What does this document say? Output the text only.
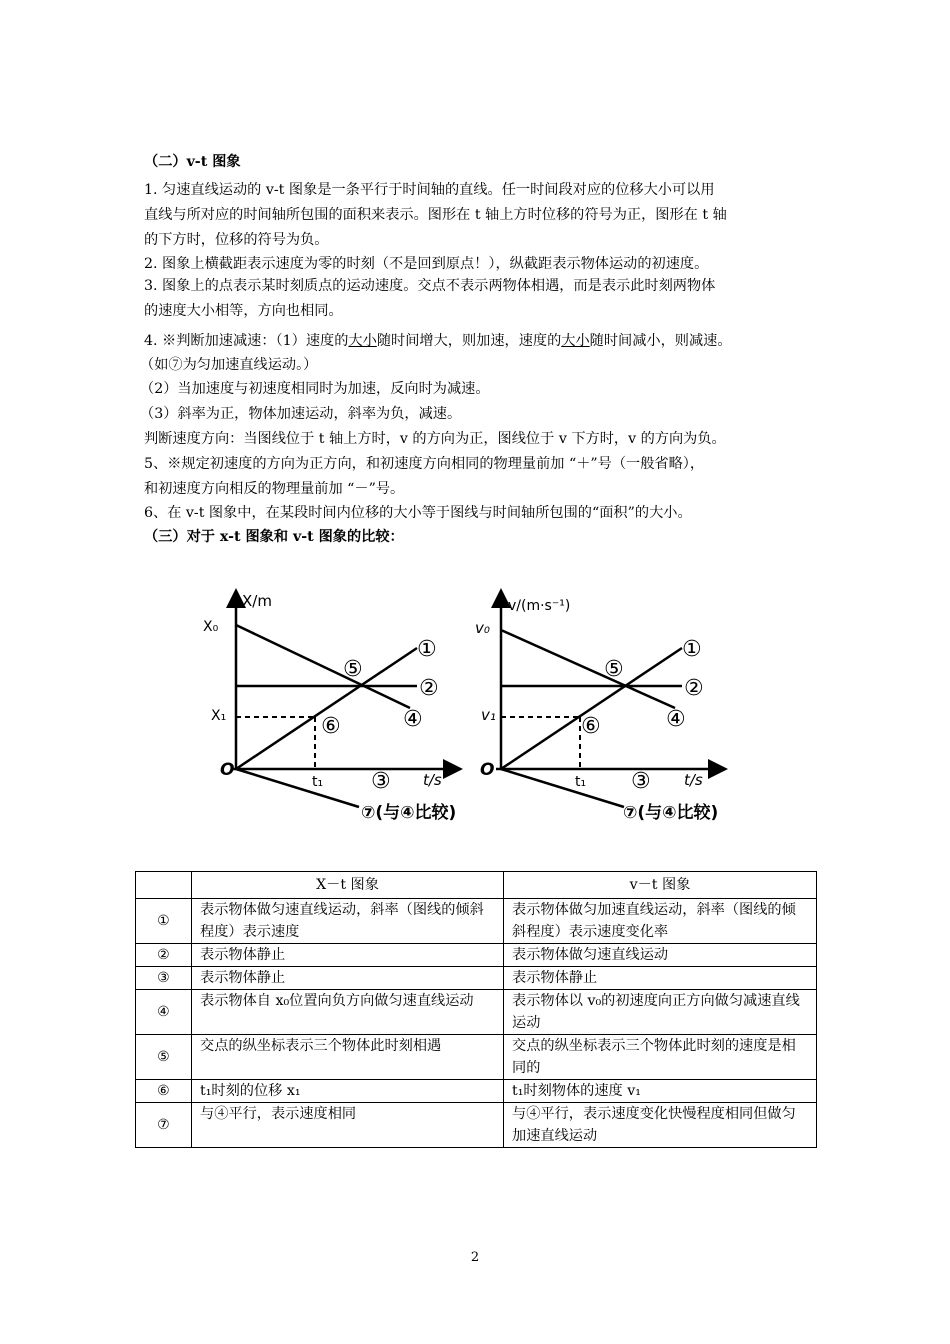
（二）v-t 图象
1. 匀速直线运动的 v-t 图象是一条平行于时间轴的直线。任一时间段对应的位移大小可以用
直线与所对应的时间轴所包围的面积来表示。图形在 t 轴上方时位移的符号为正，图形在 t 轴
的下方时，位移的符号为负。
2. 图象上横截距表示速度为零的时刻（不是回到原点！），纵截距表示物体运动的初速度。
3. 图象上的点表示某时刻质点的运动速度。交点不表示两物体相遇，而是表示此时刻两物体
的速度大小相等，方向也相同。
4. ※判断加速减速：（1）速度的大小随时间增大，则加速，速度的大小随时间减小，则减速。
（如⑦为匀加速直线运动。）
（2）当加速度与初速度相同时为加速，反向时为减速。
（3）斜率为正，物体加速运动，斜率为负，减速。
判断速度方向：当图线位于 t 轴上方时，v 的方向为正，图线位于 v 下方时，v 的方向为负。
5、※规定初速度的方向为正方向，和初速度方向相同的物理量前加 “＋”号（一般省略），
和初速度方向相反的物理量前加 “－”号。
6、在 v-t 图象中，在某段时间内位移的大小等于图线与时间轴所包围的“面积”的大小。
（三）对于 x-t 图象和 v-t 图象的比较：
X/m
X₀
X₁
O
t₁	t/s
①
②
③
④
⑤
⑥
⑦(与④比较)
v/(m·s⁻¹)
v₀
v₁
O
t₁	t/s
①
②
③
④
⑤
⑥
⑦(与④比较)
	X－t 图象	v－t 图象
①	表示物体做匀速直线运动，斜率（图线的倾斜程度）表示速度	表示物体做匀加速直线运动，斜率（图线的倾斜程度）表示速度变化率
②	表示物体静止	表示物体做匀速直线运动
③	表示物体静止	表示物体静止
④	表示物体自 x₀位置向负方向做匀速直线运动	表示物体以 v₀的初速度向正方向做匀减速直线运动
⑤	交点的纵坐标表示三个物体此时刻相遇	交点的纵坐标表示三个物体此时刻的速度是相同的
⑥	t₁时刻的位移 x₁	t₁时刻物体的速度 v₁
⑦	与④平行，表示速度相同	与④平行，表示速度变化快慢程度相同但做匀加速直线运动
2
